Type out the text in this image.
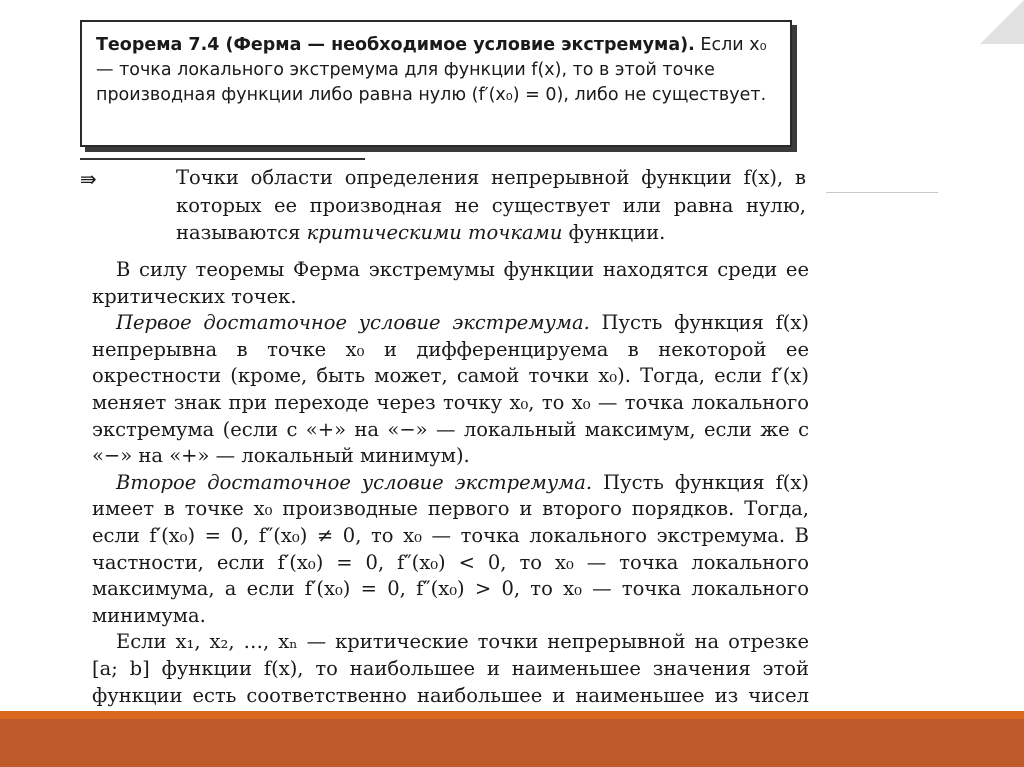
Теорема 7.4 (Ферма — необходимое условие экстремума). Если x₀ — точка локального экстремума для функции f(x), то в этой точке производная функции либо равна нулю (f′(x₀) = 0), либо не существует.
⇛	Точки области определения непрерывной функции f(x), в которых ее производная не существует или равна нулю, называются критическими точками функции.

В силу теоремы Ферма экстремумы функции находятся среди ее критических точек.

Первое достаточное условие экстремума. Пусть функция f(x) непрерывна в точке x₀ и дифференцируема в некоторой ее окрестности (кроме, быть может, самой точки x₀). Тогда, если f′(x) меняет знак при переходе через точку x₀, то x₀ — точка локального экстремума (если с «+» на «−» — локальный максимум, если же с «−» на «+» — локальный минимум).

Второе достаточное условие экстремума. Пусть функция f(x) имеет в точке x₀ производные первого и второго порядков. Тогда, если f′(x₀) = 0, f″(x₀) ≠ 0, то x₀ — точка локального экстремума. В частности, если f′(x₀) = 0, f″(x₀) < 0, то x₀ — точка локального максимума, а если f′(x₀) = 0, f″(x₀) > 0, то x₀ — точка локального минимума.

Если x₁, x₂, …, xₙ — критические точки непрерывной на отрезке [a; b] функции f(x), то наибольшее и наименьшее значения этой функции есть соответственно наибольшее и наименьшее из чисел
